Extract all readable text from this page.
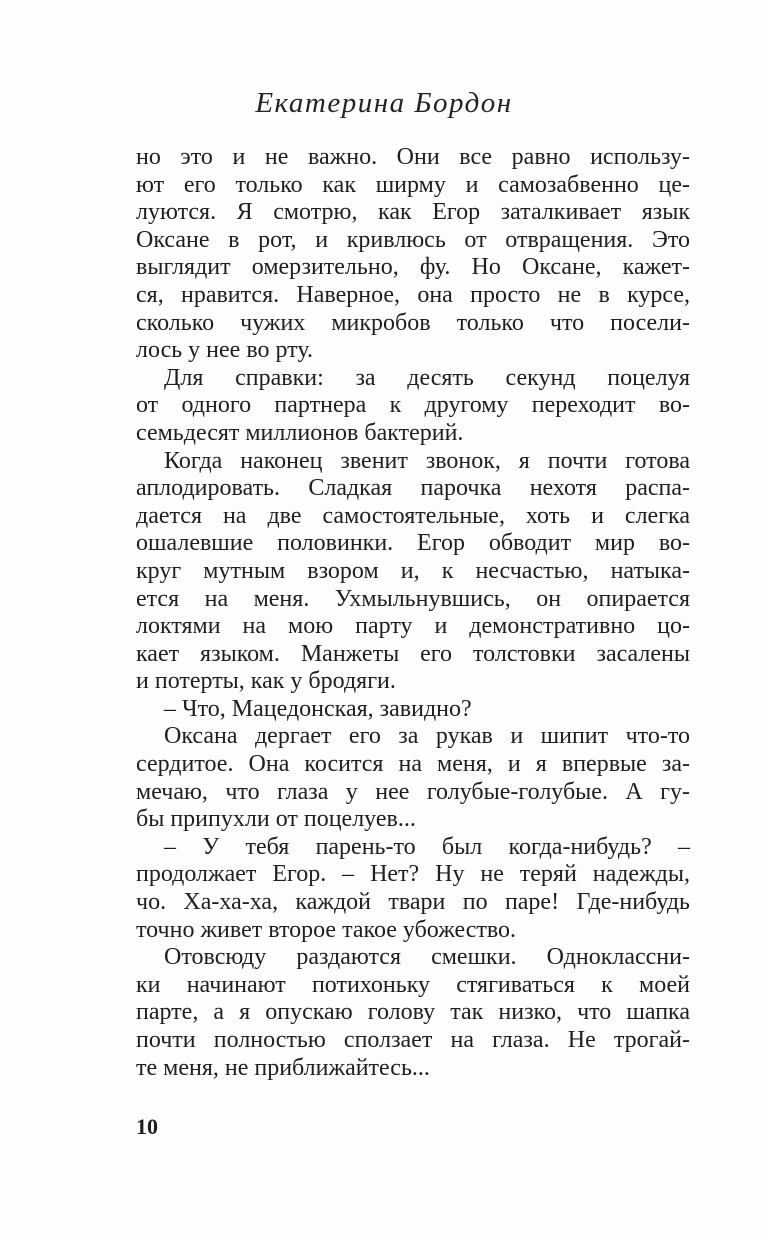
Екатерина Бордон
но это и не важно. Они все равно использу-
ют его только как ширму и самозабвенно це-
луются. Я смотрю, как Егор заталкивает язык
Оксане в рот, и кривлюсь от отвращения. Это
выглядит омерзительно, фу. Но Оксане, кажет-
ся, нравится. Наверное, она просто не в курсе,
сколько чужих микробов только что посели-
лось у нее во рту.
Для справки: за десять секунд поцелуя
от одного партнера к другому переходит во-
семьдесят миллионов бактерий.
Когда наконец звенит звонок, я почти готова
аплодировать. Сладкая парочка нехотя распа-
дается на две самостоятельные, хоть и слегка
ошалевшие половинки. Егор обводит мир во-
круг мутным взором и, к несчастью, натыка-
ется на меня. Ухмыльнувшись, он опирается
локтями на мою парту и демонстративно цо-
кает языком. Манжеты его толстовки засалены
и потерты, как у бродяги.
– Что, Мацедонская, завидно?
Оксана дергает его за рукав и шипит что-то
сердитое. Она косится на меня, и я впервые за-
мечаю, что глаза у нее голубые-голубые. А гу-
бы припухли от поцелуев...
– У тебя парень-то был когда-нибудь? –
продолжает Егор. – Нет? Ну не теряй надежды,
чо. Ха-ха-ха, каждой твари по паре! Где-нибудь
точно живет второе такое убожество.
Отовсюду раздаются смешки. Одноклассни-
ки начинают потихоньку стягиваться к моей
парте, а я опускаю голову так низко, что шапка
почти полностью сползает на глаза. Не трогай-
те меня, не приближайтесь...
10
